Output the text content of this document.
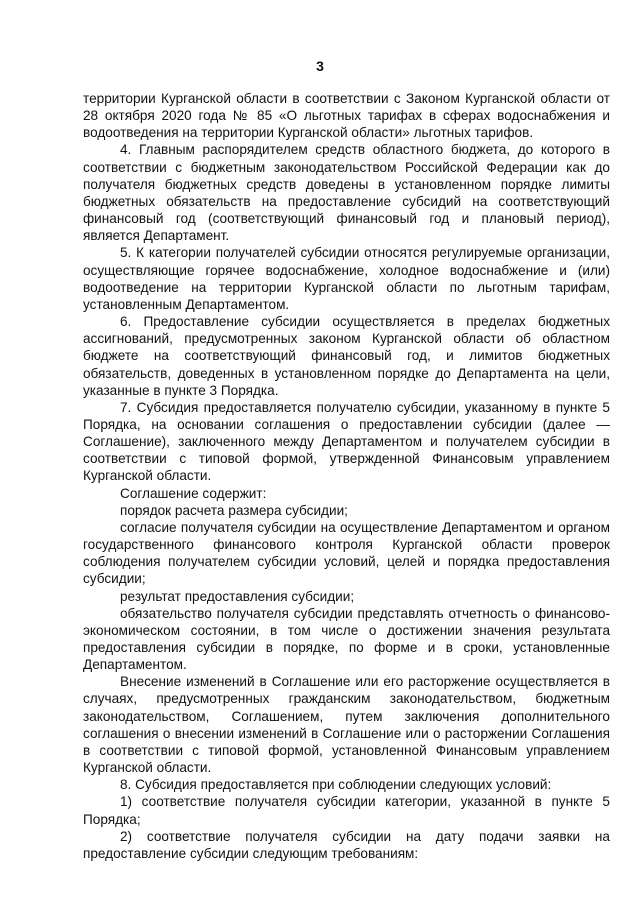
3

территории Курганской области в соответствии с Законом Курганской области от 28 октября 2020 года № 85 «О льготных тарифах в сферах водоснабжения и водоотведения на территории Курганской области» льготных тарифов.

4. Главным распорядителем средств областного бюджета, до которого в соответствии с бюджетным законодательством Российской Федерации как до получателя бюджетных средств доведены в установленном порядке лимиты бюджетных обязательств на предоставление субсидий на соответствующий финансовый год (соответствующий финансовый год и плановый период), является Департамент.

5. К категории получателей субсидии относятся регулируемые организации, осуществляющие горячее водоснабжение, холодное водоснабжение и (или) водоотведение на территории Курганской области по льготным тарифам, установленным Департаментом.

6. Предоставление субсидии осуществляется в пределах бюджетных ассигнований, предусмотренных законом Курганской области об областном бюджете на соответствующий финансовый год, и лимитов бюджетных обязательств, доведенных в установленном порядке до Департамента на цели, указанные в пункте 3 Порядка.

7. Субсидия предоставляется получателю субсидии, указанному в пункте 5 Порядка, на основании соглашения о предоставлении субсидии (далее — Соглашение), заключенного между Департаментом и получателем субсидии в соответствии с типовой формой, утвержденной Финансовым управлением Курганской области.

Соглашение содержит:

порядок расчета размера субсидии;

согласие получателя субсидии на осуществление Департаментом и органом государственного финансового контроля Курганской области проверок соблюдения получателем субсидии условий, целей и порядка предоставления субсидии;

результат предоставления субсидии;

обязательство получателя субсидии представлять отчетность о финансово-экономическом состоянии, в том числе о достижении значения результата предоставления субсидии в порядке, по форме и в сроки, установленные Департаментом.

Внесение изменений в Соглашение или его расторжение осуществляется в случаях, предусмотренных гражданским законодательством, бюджетным законодательством, Соглашением, путем заключения дополнительного соглашения о внесении изменений в Соглашение или о расторжении Соглашения в соответствии с типовой формой, установленной Финансовым управлением Курганской области.

8. Субсидия предоставляется при соблюдении следующих условий:

1) соответствие получателя субсидии категории, указанной в пункте 5 Порядка;

2) соответствие получателя субсидии на дату подачи заявки на предоставление субсидии следующим требованиям:
